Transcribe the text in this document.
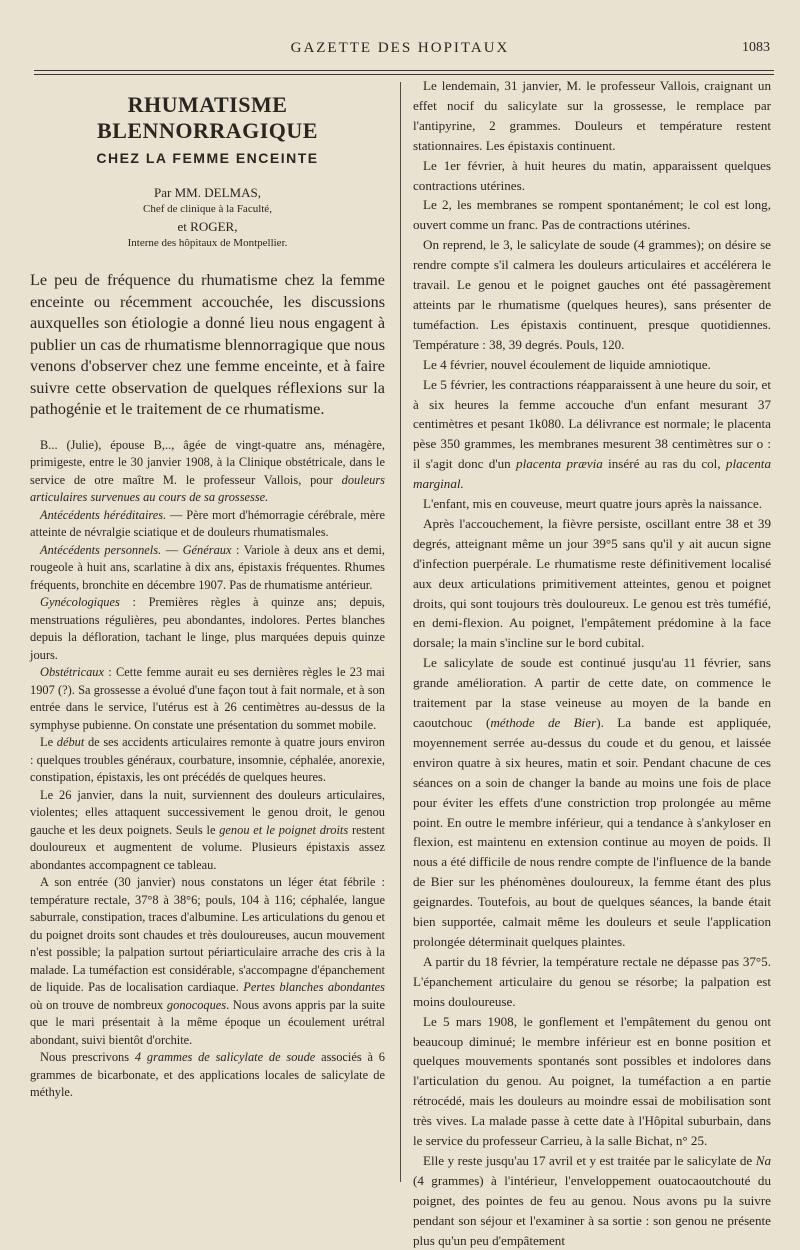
GAZETTE DES HOPITAUX	1083
RHUMATISME BLENNORRAGIQUE
CHEZ LA FEMME ENCEINTE
Par MM. DELMAS,
Chef de clinique à la Faculté,
et ROGER,
Interne des hôpitaux de Montpellier.

Le peu de fréquence du rhumatisme chez la femme enceinte ou récemment accouchée, les discussions auxquelles son étiologie a donné lieu nous engagent à publier un cas de rhumatisme blennorragique que nous venons d'observer chez une femme enceinte, et à faire suivre cette observation de quelques réflexions sur la pathogénie et le traitement de ce rhumatisme.

B... (Julie), épouse B,.., âgée de vingt-quatre ans, ménagère, primigeste, entre le 30 janvier 1908, à la Clinique obstétricale, dans le service de otre maître M. le professeur Vallois, pour douleurs articulaires survenues au cours de sa grossesse.

Antécédents héréditaires. — Père mort d'hémorragie cérébrale, mère atteinte de névralgie sciatique et de douleurs rhumatismales.

Antécédents personnels. — Généraux : Variole à deux ans et demi, rougeole à huit ans, scarlatine à dix ans, épistaxis fréquentes. Rhumes fréquents, bronchite en décembre 1907. Pas de rhumatisme antérieur.

Gynécologiques : Premières règles à quinze ans; depuis, menstruations régulières, peu abondantes, indolores. Pertes blanches depuis la défloration, tachant le linge, plus marquées depuis quinze jours.

Obstétricaux : Cette femme aurait eu ses dernières règles le 23 mai 1907 (?). Sa grossesse a évolué d'une façon tout à fait normale, et à son entrée dans le service, l'utérus est à 26 centimètres au-dessus de la symphyse pubienne. On constate une présentation du sommet mobile.

Le début de ses accidents articulaires remonte à quatre jours environ : quelques troubles généraux, courbature, insomnie, céphalée, anorexie, constipation, épistaxis, les ont précédés de quelques heures.

Le 26 janvier, dans la nuit, surviennent des douleurs articulaires, violentes; elles attaquent successivement le genou droit, le genou gauche et les deux poignets. Seuls le genou et le poignet droits restent douloureux et augmentent de volume. Plusieurs épistaxis assez abondantes accompagnent ce tableau.

A son entrée (30 janvier) nous constatons un léger état fébrile : température rectale, 37°8 à 38°6; pouls, 104 à 116; céphalée, langue saburrale, constipation, traces d'albumine. Les articulations du genou et du poignet droits sont chaudes et très douloureuses, aucun mouvement n'est possible; la palpation surtout périarticulaire arrache des cris à la malade. La tuméfaction est considérable, s'accompagne d'épanchement de liquide. Pas de localisation cardiaque. Pertes blanches abondantes où on trouve de nombreux gonocoques. Nous avons appris par la suite que le mari présentait à la même époque un écoulement urétral abondant, suivi bientôt d'orchite.

Nous prescrivons 4 grammes de salicylate de soude associés à 6 grammes de bicarbonate, et des applications locales de salicylate de méthyle.

Le lendemain, 31 janvier, M. le professeur Vallois, craignant un effet nocif du salicylate sur la grossesse, le remplace par l'antipyrine, 2 grammes. Douleurs et température restent stationnaires. Les épistaxis continuent.

Le 1er février, à huit heures du matin, apparaissent quelques contractions utérines.

Le 2, les membranes se rompent spontanément; le col est long, ouvert comme un franc. Pas de contractions utérines.

On reprend, le 3, le salicylate de soude (4 grammes); on désire se rendre compte s'il calmera les douleurs articulaires et accélérera le travail. Le genou et le poignet gauches ont été passagèrement atteints par le rhumatisme (quelques heures), sans présenter de tuméfaction. Les épistaxis continuent, presque quotidiennes. Température : 38, 39 degrés. Pouls, 120.

Le 4 février, nouvel écoulement de liquide amniotique.

Le 5 février, les contractions réapparaissent à une heure du soir, et à six heures la femme accouche d'un enfant mesurant 37 centimètres et pesant 1k080. La délivrance est normale; le placenta pèse 350 grammes, les membranes mesurent 38 centimètres sur o : il s'agit donc d'un placenta prævia inséré au ras du col, placenta marginal.

L'enfant, mis en couveuse, meurt quatre jours après la naissance.

Après l'accouchement, la fièvre persiste, oscillant entre 38 et 39 degrés, atteignant même un jour 39°5 sans qu'il y ait aucun signe d'infection puerpérale. Le rhumatisme reste définitivement localisé aux deux articulations primitivement atteintes, genou et poignet droits, qui sont toujours très douloureux. Le genou est très tuméfié, en demi-flexion. Au poignet, l'empâtement prédomine à la face dorsale; la main s'incline sur le bord cubital.

Le salicylate de soude est continué jusqu'au 11 février, sans grande amélioration. A partir de cette date, on commence le traitement par la stase veineuse au moyen de la bande en caoutchouc (méthode de Bier). La bande est appliquée, moyennement serrée au-dessus du coude et du genou, et laissée environ quatre à six heures, matin et soir. Pendant chacune de ces séances on a soin de changer la bande au moins une fois de place pour éviter les effets d'une constriction trop prolongée au même point. En outre le membre inférieur, qui a tendance à s'ankyloser en flexion, est maintenu en extension continue au moyen de poids. Il nous a été difficile de nous rendre compte de l'influence de la bande de Bier sur les phénomènes douloureux, la femme étant des plus geignardes. Toutefois, au bout de quelques séances, la bande était bien supportée, calmait même les douleurs et seule l'application prolongée déterminait quelques plaintes.

A partir du 18 février, la température rectale ne dépasse pas 37°5. L'épanchement articulaire du genou se résorbe; la palpation est moins douloureuse.

Le 5 mars 1908, le gonflement et l'empâtement du genou ont beaucoup diminué; le membre inférieur est en bonne position et quelques mouvements spontanés sont possibles et indolores dans l'articulation du genou. Au poignet, la tuméfaction a en partie rétrocédé, mais les douleurs au moindre essai de mobilisation sont très vives. La malade passe à cette date à l'Hôpital suburbain, dans le service du professeur Carrieu, à la salle Bichat, n° 25.

Elle y reste jusqu'au 17 avril et y est traitée par le salicylate de Na (4 grammes) à l'intérieur, l'enveloppement ouatocaoutchouté du poignet, des pointes de feu au genou. Nous avons pu la suivre pendant son séjour et l'examiner à sa sortie : son genou ne présente plus qu'un peu d'empâtement
